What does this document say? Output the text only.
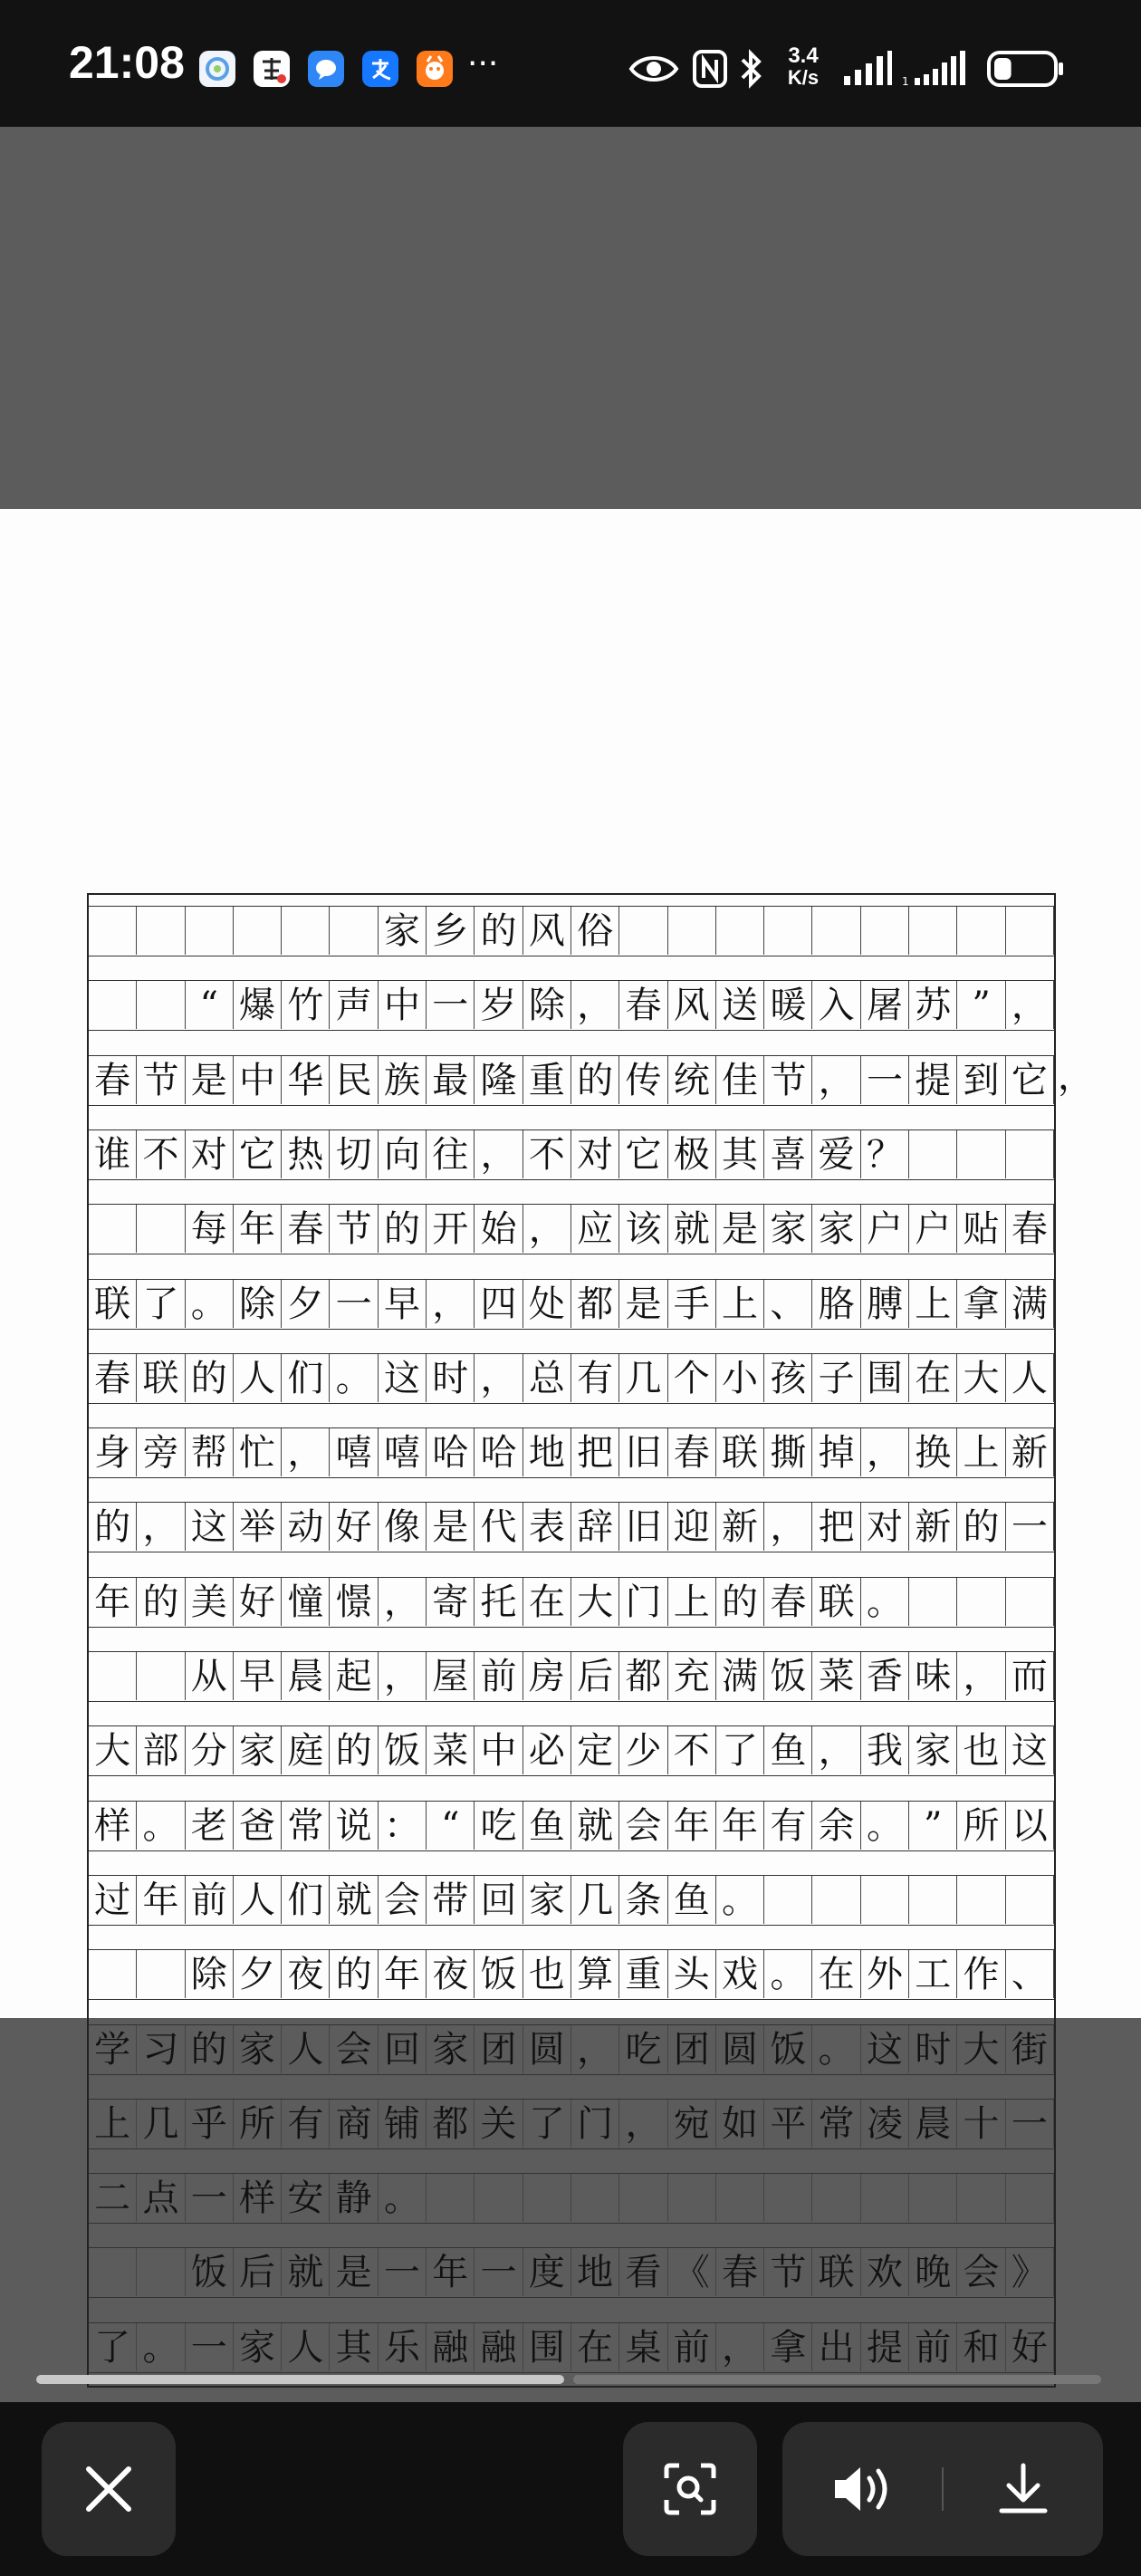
21:08	···	3.4
K/s	1
家 乡 的 风 俗
“ 爆 竹 声 中 一 岁 除 ， 春 风 送 暖 入 屠 苏 ” ，
春 节 是 中 华 民 族 最 隆 重 的 传 统 佳 节 ， 一 提 到 它
谁 不 对 它 热 切 向 往 ， 不 对 它 极 其 喜 爱 ？
每 年 春 节 的 开 始 ， 应 该 就 是 家 家 户 户 贴 春
联 了 。 除 夕 一 早 ， 四 处 都 是 手 上 、 胳 膊 上 拿 满
春 联 的 人 们 。 这 时 ， 总 有 几 个 小 孩 子 围 在 大 人
身 旁 帮 忙 ， 嘻 嘻 哈 哈 地 把 旧 春 联 撕 掉 ， 换 上 新
的 ， 这 举 动 好 像 是 代 表 辞 旧 迎 新 ， 把 对 新 的 一
年 的 美 好 憧 憬 ， 寄 托 在 大 门 上 的 春 联 。
从 早 晨 起 ， 屋 前 房 后 都 充 满 饭 菜 香 味 ， 而
大 部 分 家 庭 的 饭 菜 中 必 定 少 不 了 鱼 ， 我 家 也 这
样 。 老 爸 常 说 ： “ 吃 鱼 就 会 年 年 有 余 。 ” 所 以
过 年 前 人 们 就 会 带 回 家 几 条 鱼 。
除 夕 夜 的 年 夜 饭 也 算 重 头 戏 。 在 外 工 作 、
学 习 的 家 人 会 回 家 团 圆 ， 吃 团 圆 饭 。 这 时 大 街
上 几 乎 所 有 商 铺 都 关 了 门 ， 宛 如 平 常 凌 晨 十 一
二 点 一 样 安 静 。
饭 后 就 是 一 年 一 度 地 看 《 春 节 联 欢 晚 会 》
了 。 一 家 人 其 乐 融 融 围 在 桌 前 ， 拿 出 提 前 和 好
，
